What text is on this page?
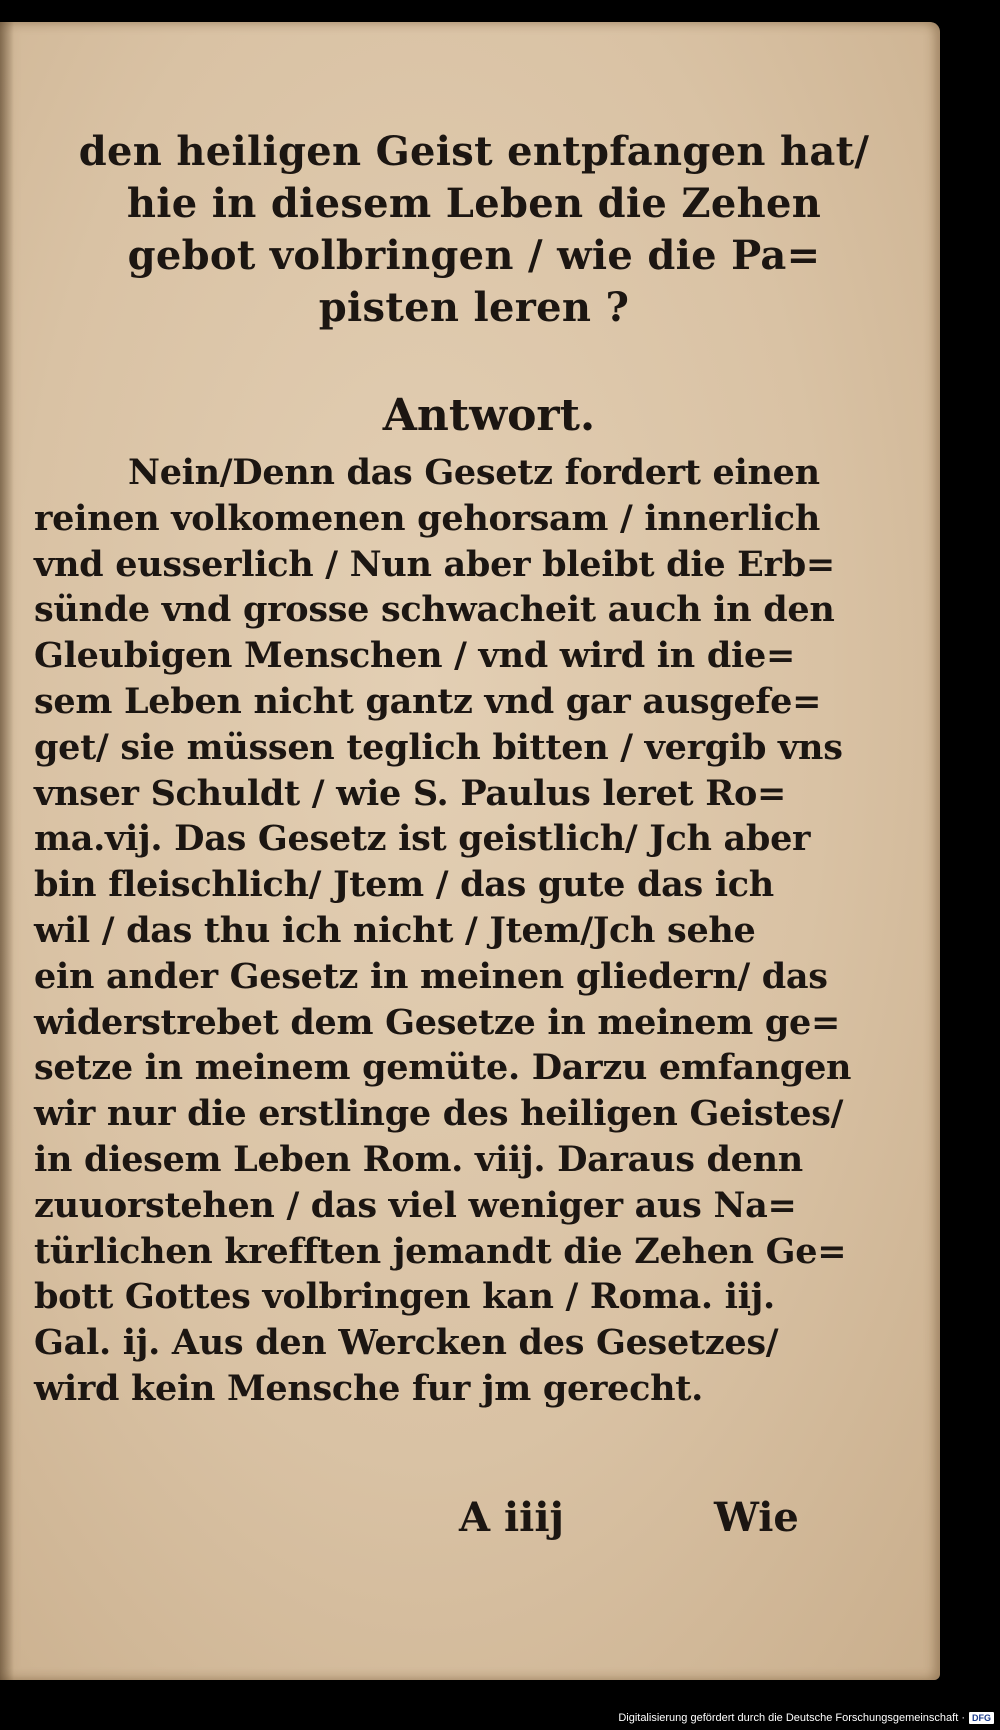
den heiligen Geist entpfangen hat/
hie in diesem Leben die Zehen
gebot volbringen / wie die Pa=
pisten leren ?
Antwort.
Nein/Denn das Gesetz fordert einen
reinen volkomenen gehorsam / innerlich
vnd eusserlich / Nun aber bleibt die Erb=
sünde vnd grosse schwacheit auch in den
Gleubigen Menschen / vnd wird in die=
sem Leben nicht gantz vnd gar ausgefe=
get/ sie müssen teglich bitten / vergib vns
vnser Schuldt / wie S. Paulus leret Ro=
ma.vij. Das Gesetz ist geistlich/ Jch aber
bin fleischlich/ Jtem / das gute das ich
wil / das thu ich nicht / Jtem/Jch sehe
ein ander Gesetz in meinen gliedern/ das
widerstrebet dem Gesetze in meinem ge=
setze in meinem gemüte. Darzu emfangen
wir nur die erstlinge des heiligen Geistes/
in diesem Leben Rom. viij. Daraus denn
zuuorstehen / das viel weniger aus Na=
türlichen krefften jemandt die Zehen Ge=
bott Gottes volbringen kan / Roma. iij.
Gal. ij. Aus den Wercken des Gesetzes/
wird kein Mensche fur jm gerecht.
A iiij	Wie
Digitalisierung gefördert durch die Deutsche Forschungsgemeinschaft · DFG
